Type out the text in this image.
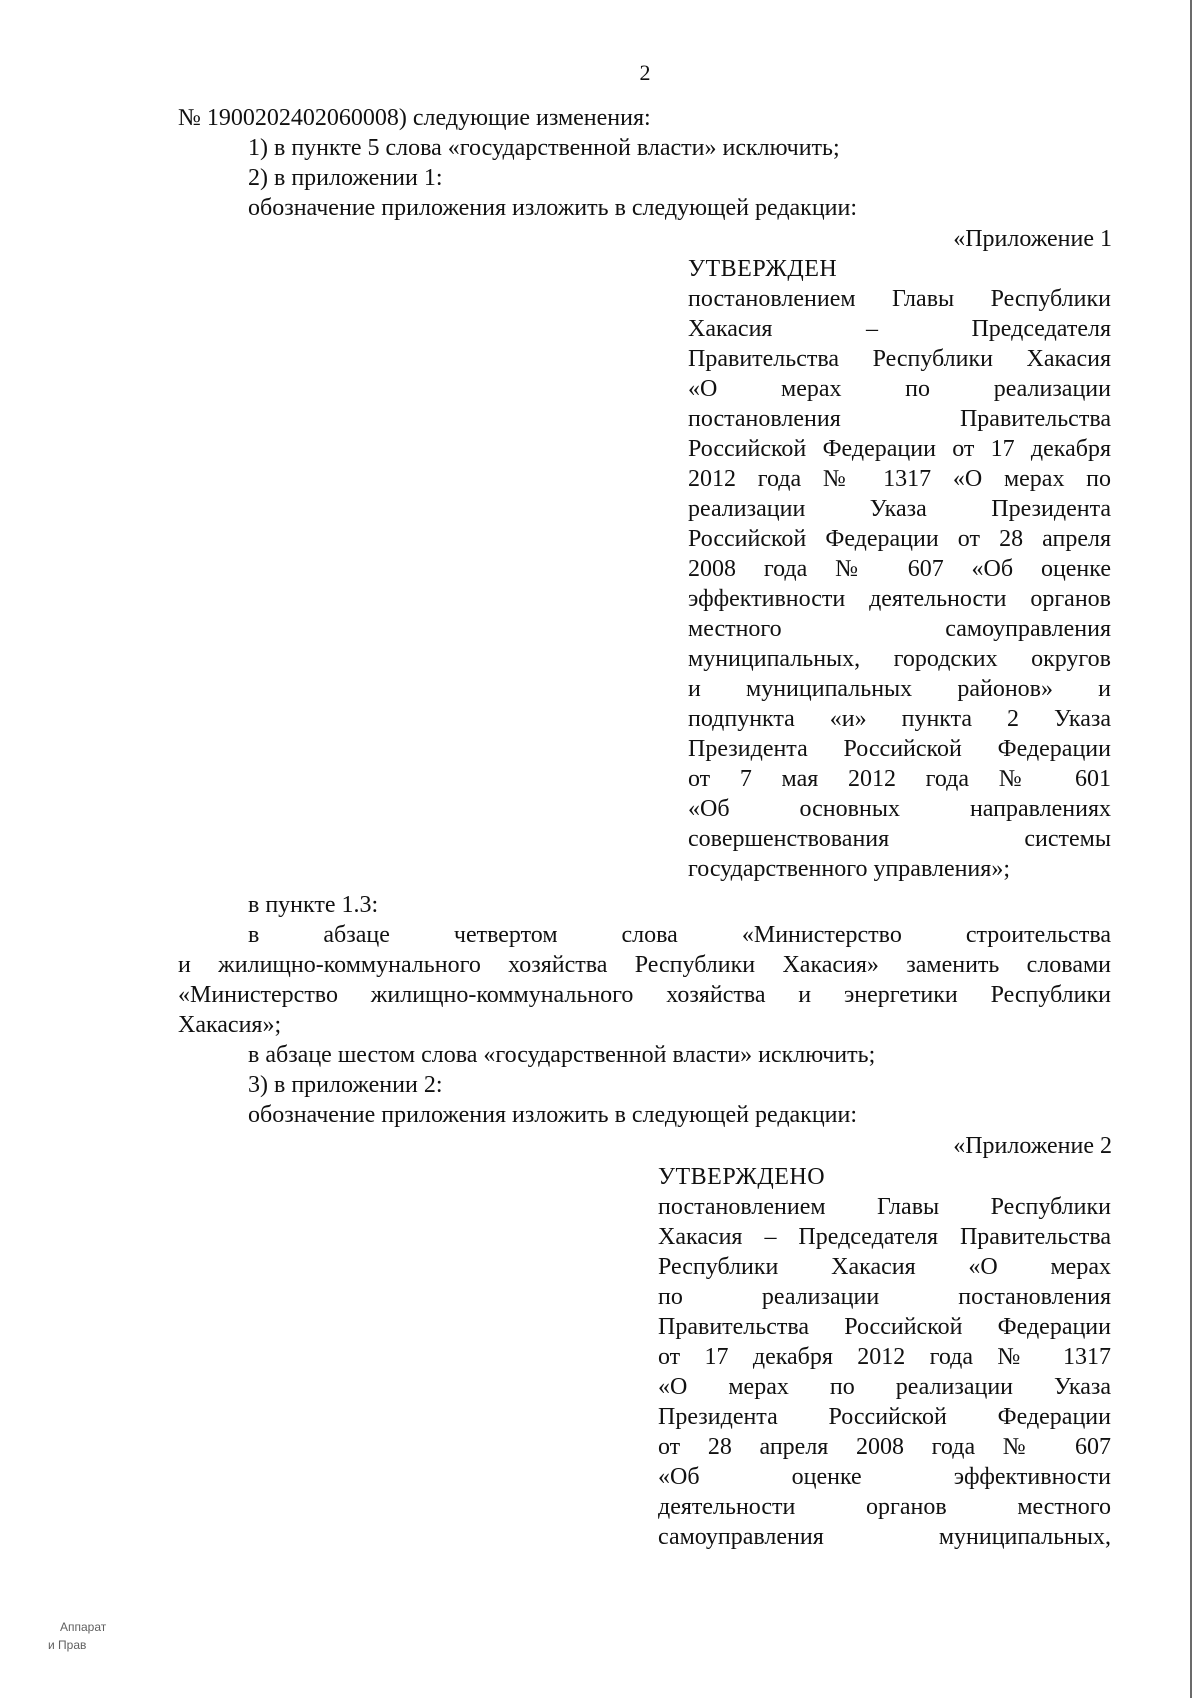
2
№ 1900202402060008) следующие изменения:
1) в пункте 5 слова «государственной власти» исключить;
2) в приложении 1:
обозначение приложения изложить в следующей редакции:
«Приложение 1
УТВЕРЖДЕН
постановлением Главы Республики
Хакасия – Председателя
Правительства Республики Хакасия
«О мерах по реализации
постановления Правительства
Российской Федерации от 17 декабря
2012 года № 1317 «О мерах по
реализации Указа Президента
Российской Федерации от 28 апреля
2008 года № 607 «Об оценке
эффективности деятельности органов
местного самоуправления
муниципальных, городских округов
и муниципальных районов» и
подпункта «и» пункта 2 Указа
Президента Российской Федерации
от 7 мая 2012 года № 601
«Об основных направлениях
совершенствования системы
государственного управления»;
в пункте 1.3:
в абзаце четвертом слова «Министерство строительства
и жилищно-коммунального хозяйства Республики Хакасия» заменить словами
«Министерство жилищно-коммунального хозяйства и энергетики Республики
Хакасия»;
в абзаце шестом слова «государственной власти» исключить;
3) в приложении 2:
обозначение приложения изложить в следующей редакции:
«Приложение 2
УТВЕРЖДЕНО
постановлением Главы Республики
Хакасия – Председателя Правительства
Республики Хакасия «О мерах
по реализации постановления
Правительства Российской Федерации
от 17 декабря 2012 года № 1317
«О мерах по реализации Указа
Президента Российской Федерации
от 28 апреля 2008 года № 607
«Об оценке эффективности
деятельности органов местного
самоуправления муниципальных,
Аппарат
и Прав
